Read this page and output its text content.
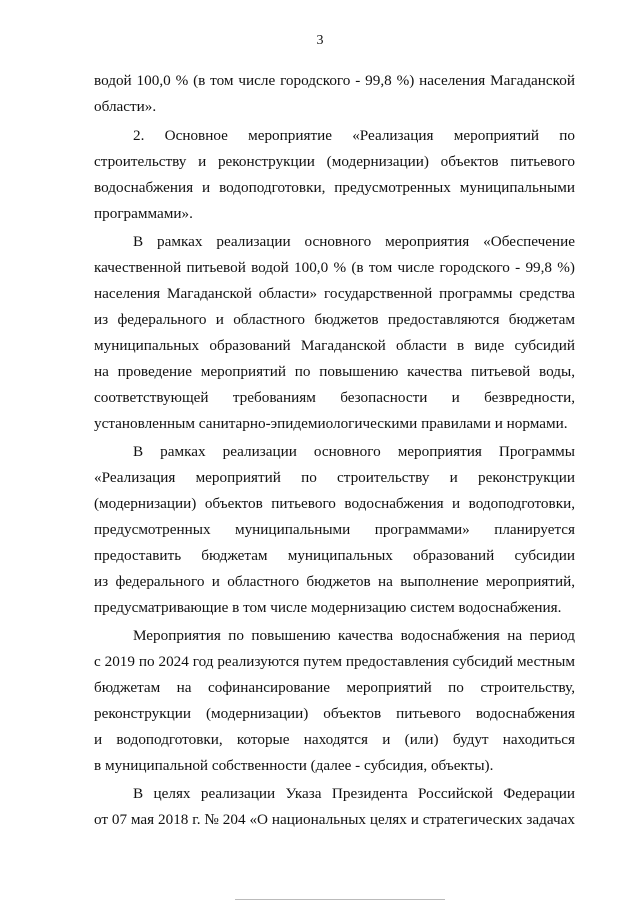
3
водой 100,0 % (в том числе городского - 99,8 %) населения Магаданской
области».
2. Основное мероприятие «Реализация мероприятий по
строительству и реконструкции (модернизации) объектов питьевого
водоснабжения и водоподготовки, предусмотренных муниципальными
программами».
В рамках реализации основного мероприятия «Обеспечение
качественной питьевой водой 100,0 % (в том числе городского - 99,8 %)
населения Магаданской области» государственной программы средства
из федерального и областного бюджетов предоставляются бюджетам
муниципальных образований Магаданской области в виде субсидий
на проведение мероприятий по повышению качества питьевой воды,
соответствующей требованиям безопасности и безвредности,
установленным санитарно-эпидемиологическими правилами и нормами.
В рамках реализации основного мероприятия Программы
«Реализация мероприятий по строительству и реконструкции
(модернизации) объектов питьевого водоснабжения и водоподготовки,
предусмотренных муниципальными программами» планируется
предоставить бюджетам муниципальных образований субсидии
из федерального и областного бюджетов на выполнение мероприятий,
предусматривающие в том числе модернизацию систем водоснабжения.
Мероприятия по повышению качества водоснабжения на период
с 2019 по 2024 год реализуются путем предоставления субсидий местным
бюджетам на софинансирование мероприятий по строительству,
реконструкции (модернизации) объектов питьевого водоснабжения
и водоподготовки, которые находятся и (или) будут находиться
в муниципальной собственности (далее - субсидия, объекты).
В целях реализации Указа Президента Российской Федерации
от 07 мая 2018 г. № 204 «О национальных целях и стратегических задачах
